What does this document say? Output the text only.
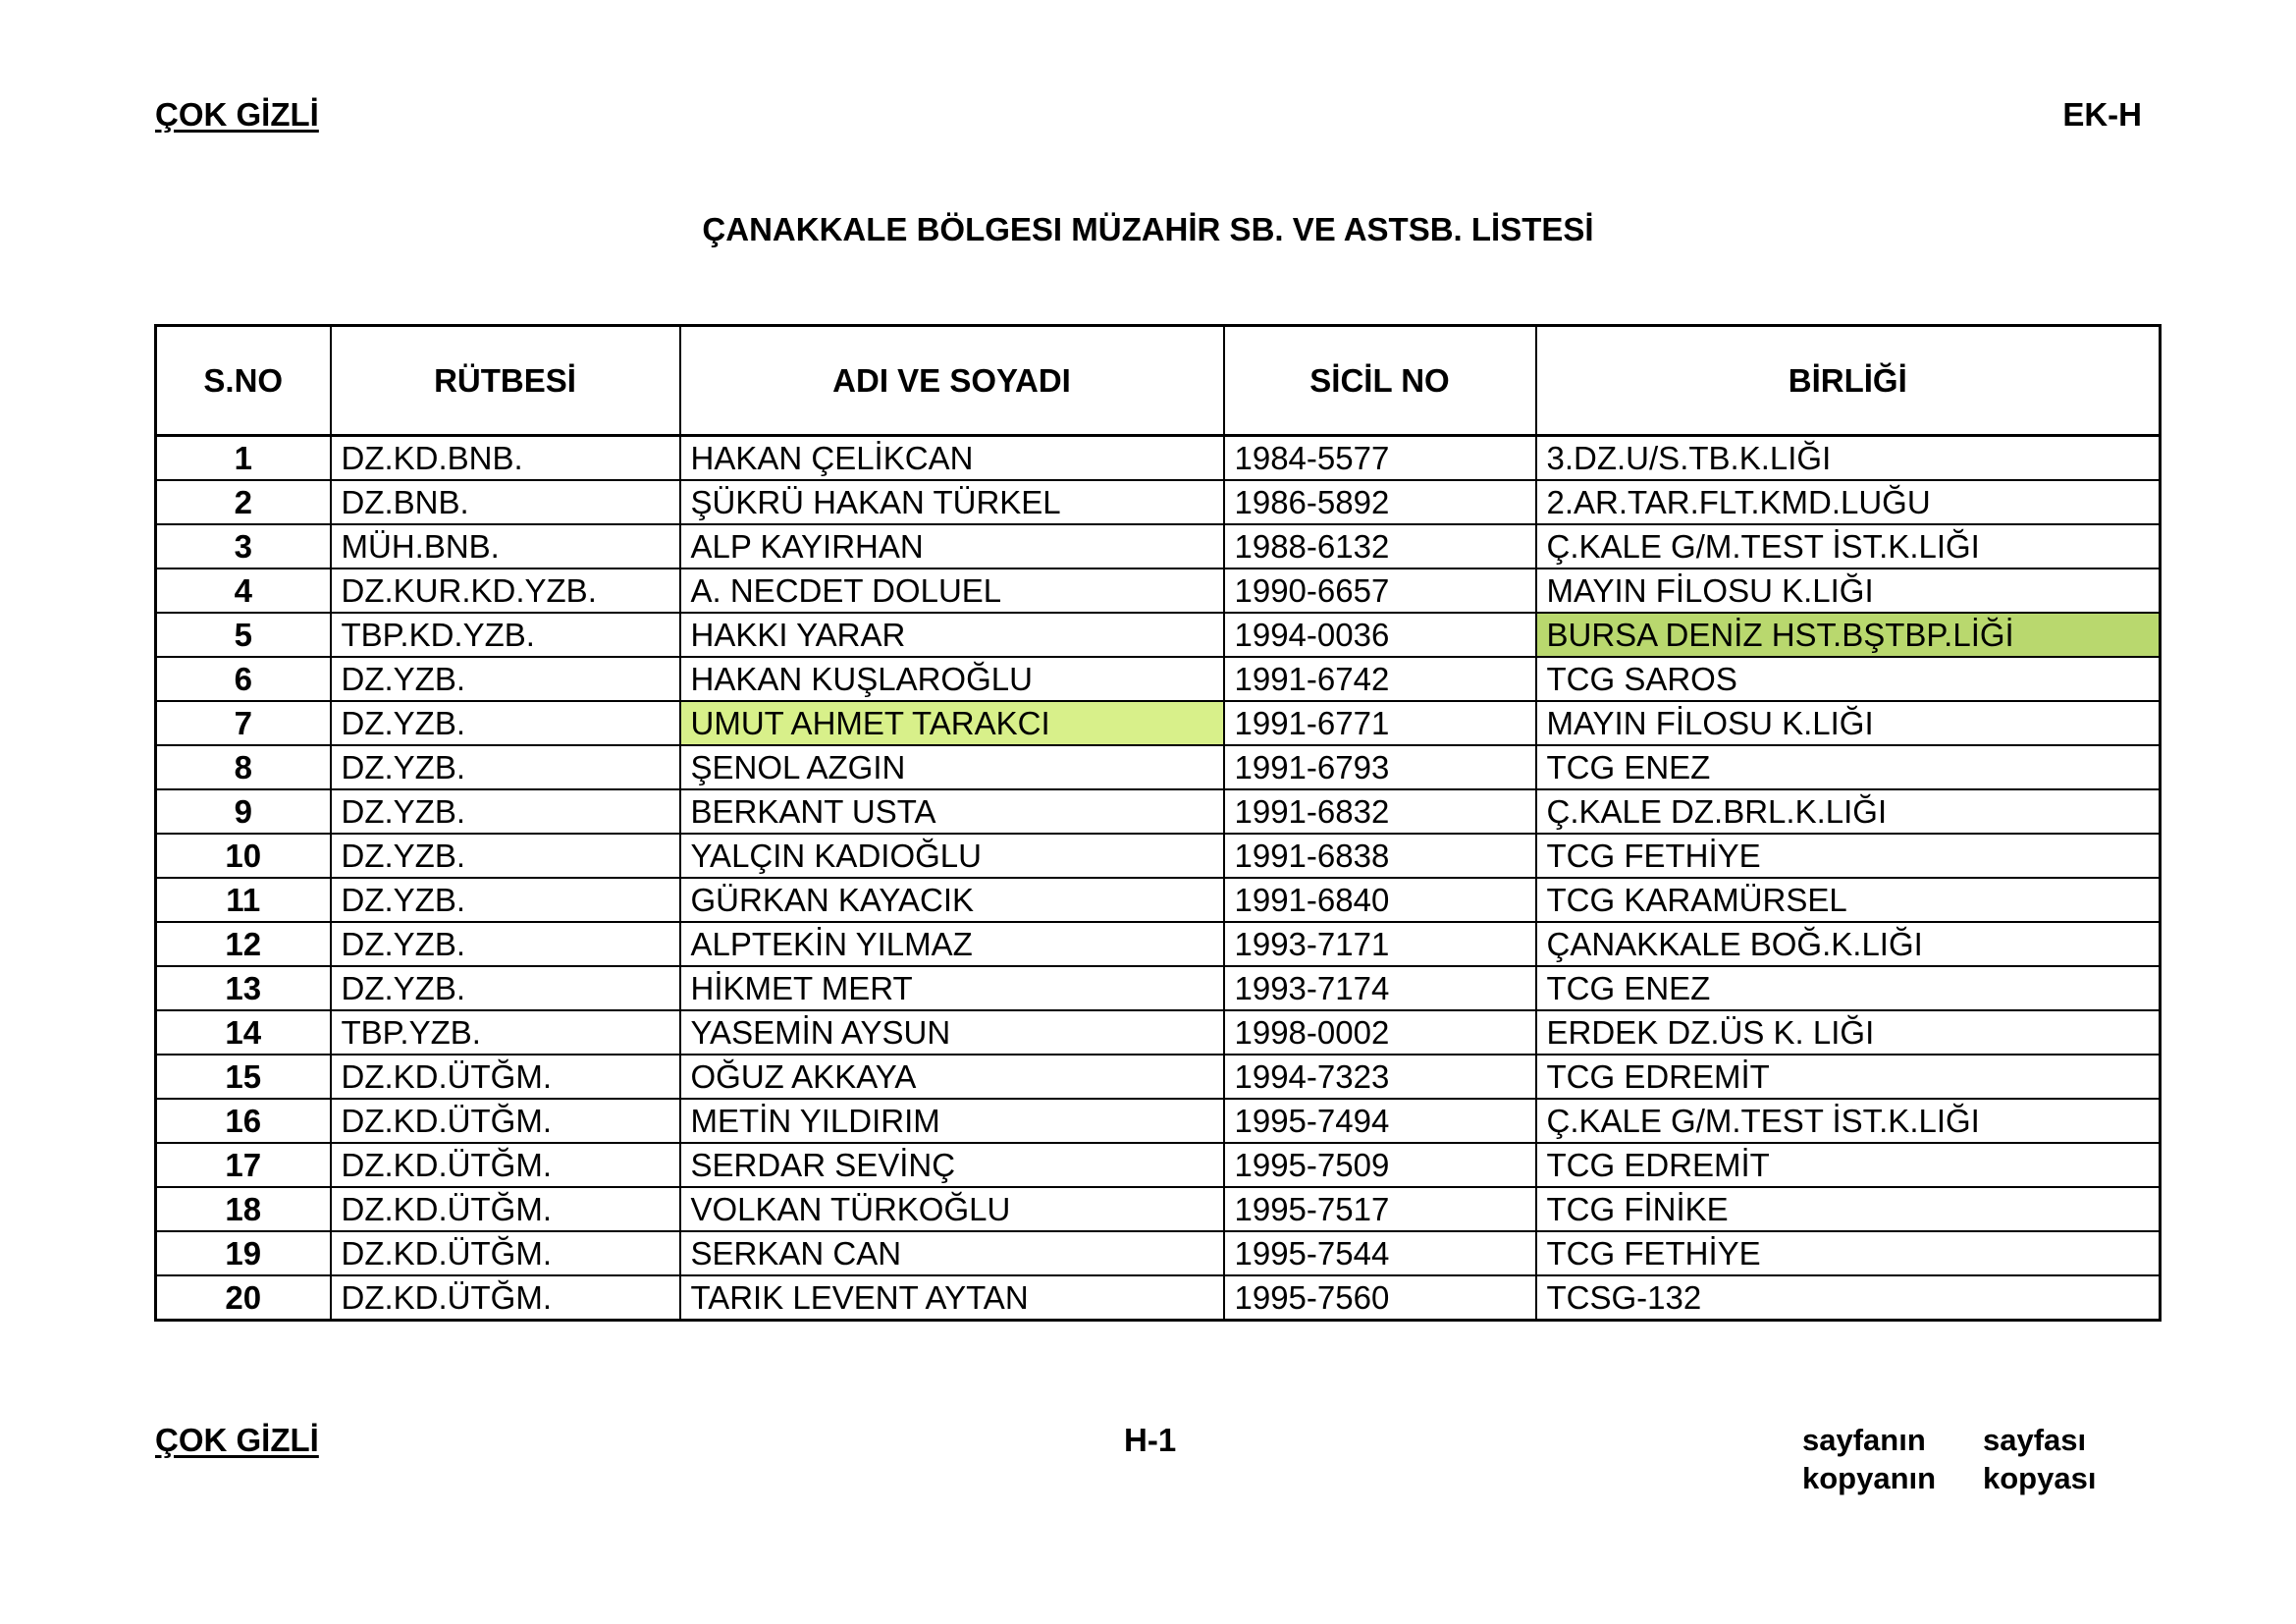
ÇOK GİZLİ	EK-H
ÇANAKKALE BÖLGESI MÜZAHİR SB. VE ASTSB. LİSTESİ
S.NO	RÜTBESİ	ADI VE SOYADI	SİCİL NO	BİRLİĞİ
1	DZ.KD.BNB.	HAKAN ÇELİKCAN	1984-5577	3.DZ.U/S.TB.K.LIĞI
2	DZ.BNB.	ŞÜKRÜ HAKAN TÜRKEL	1986-5892	2.AR.TAR.FLT.KMD.LUĞU
3	MÜH.BNB.	ALP KAYIRHAN	1988-6132	Ç.KALE G/M.TEST İST.K.LIĞI
4	DZ.KUR.KD.YZB.	A. NECDET DOLUEL	1990-6657	MAYIN FİLOSU K.LIĞI
5	TBP.KD.YZB.	HAKKI YARAR	1994-0036	BURSA DENİZ HST.BŞTBP.LİĞİ
6	DZ.YZB.	HAKAN KUŞLAROĞLU	1991-6742	TCG SAROS
7	DZ.YZB.	UMUT AHMET TARAKCI	1991-6771	MAYIN FİLOSU K.LIĞI
8	DZ.YZB.	ŞENOL AZGIN	1991-6793	TCG ENEZ
9	DZ.YZB.	BERKANT USTA	1991-6832	Ç.KALE DZ.BRL.K.LIĞI
10	DZ.YZB.	YALÇIN KADIOĞLU	1991-6838	TCG FETHİYE
11	DZ.YZB.	GÜRKAN KAYACIK	1991-6840	TCG KARAMÜRSEL
12	DZ.YZB.	ALPTEKİN YILMAZ	1993-7171	ÇANAKKALE BOĞ.K.LIĞI
13	DZ.YZB.	HİKMET MERT	1993-7174	TCG ENEZ
14	TBP.YZB.	YASEMİN AYSUN	1998-0002	ERDEK DZ.ÜS K. LIĞI
15	DZ.KD.ÜTĞM.	OĞUZ AKKAYA	1994-7323	TCG EDREMİT
16	DZ.KD.ÜTĞM.	METİN YILDIRIM	1995-7494	Ç.KALE G/M.TEST İST.K.LIĞI
17	DZ.KD.ÜTĞM.	SERDAR SEVİNÇ	1995-7509	TCG EDREMİT
18	DZ.KD.ÜTĞM.	VOLKAN TÜRKOĞLU	1995-7517	TCG FİNİKE
19	DZ.KD.ÜTĞM.	SERKAN CAN	1995-7544	TCG FETHİYE
20	DZ.KD.ÜTĞM.	TARIK LEVENT AYTAN	1995-7560	TCSG-132
ÇOK GİZLİ	H-1	sayfanın sayfası
kopyanın kopyası
